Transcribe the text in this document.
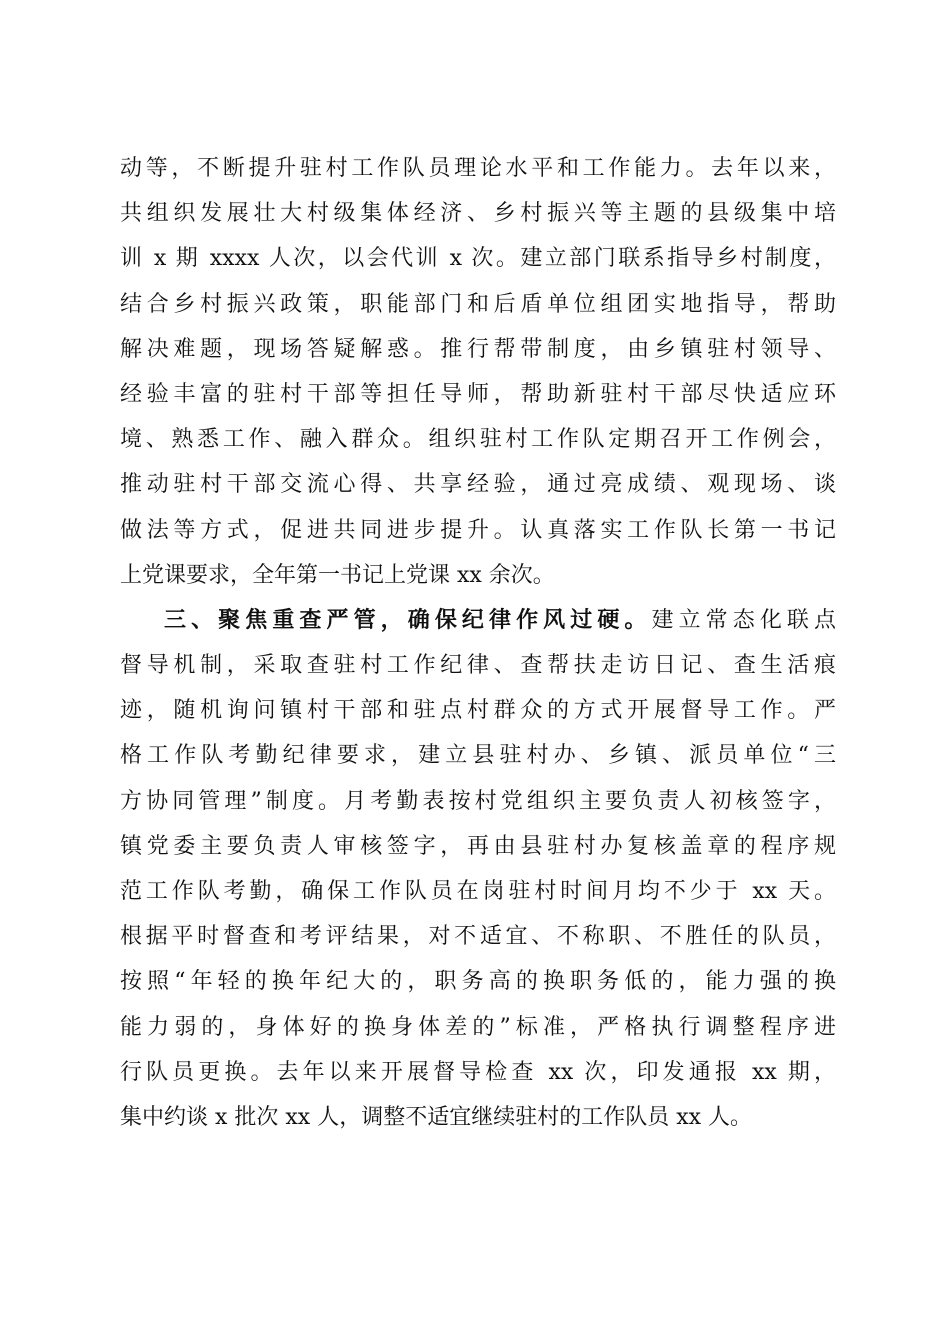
动等，不断提升驻村工作队员理论水平和工作能力。去年以来，
共组织发展壮大村级集体经济、乡村振兴等主题的县级集中培
训 x 期 xxxx 人次，以会代训 x 次。建立部门联系指导乡村制度，
结合乡村振兴政策，职能部门和后盾单位组团实地指导，帮助
解决难题，现场答疑解惑。推行帮带制度，由乡镇驻村领导、
经验丰富的驻村干部等担任导师，帮助新驻村干部尽快适应环
境、熟悉工作、融入群众。组织驻村工作队定期召开工作例会，
推动驻村干部交流心得、共享经验，通过亮成绩、观现场、谈
做法等方式，促进共同进步提升。认真落实工作队长第一书记
上党课要求，全年第一书记上党课 xx 余次。
三、聚焦重查严管，确保纪律作风过硬。建立常态化联点
督导机制，采取查驻村工作纪律、查帮扶走访日记、查生活痕
迹，随机询问镇村干部和驻点村群众的方式开展督导工作。严
格工作队考勤纪律要求，建立县驻村办、乡镇、派员单位“三
方协同管理”制度。月考勤表按村党组织主要负责人初核签字，
镇党委主要负责人审核签字，再由县驻村办复核盖章的程序规
范工作队考勤，确保工作队员在岗驻村时间月均不少于 xx 天。
根据平时督查和考评结果，对不适宜、不称职、不胜任的队员，
按照“年轻的换年纪大的，职务高的换职务低的，能力强的换
能力弱的，身体好的换身体差的”标准，严格执行调整程序进
行队员更换。去年以来开展督导检查 xx 次，印发通报 xx 期，
集中约谈 x 批次 xx 人，调整不适宜继续驻村的工作队员 xx 人。
